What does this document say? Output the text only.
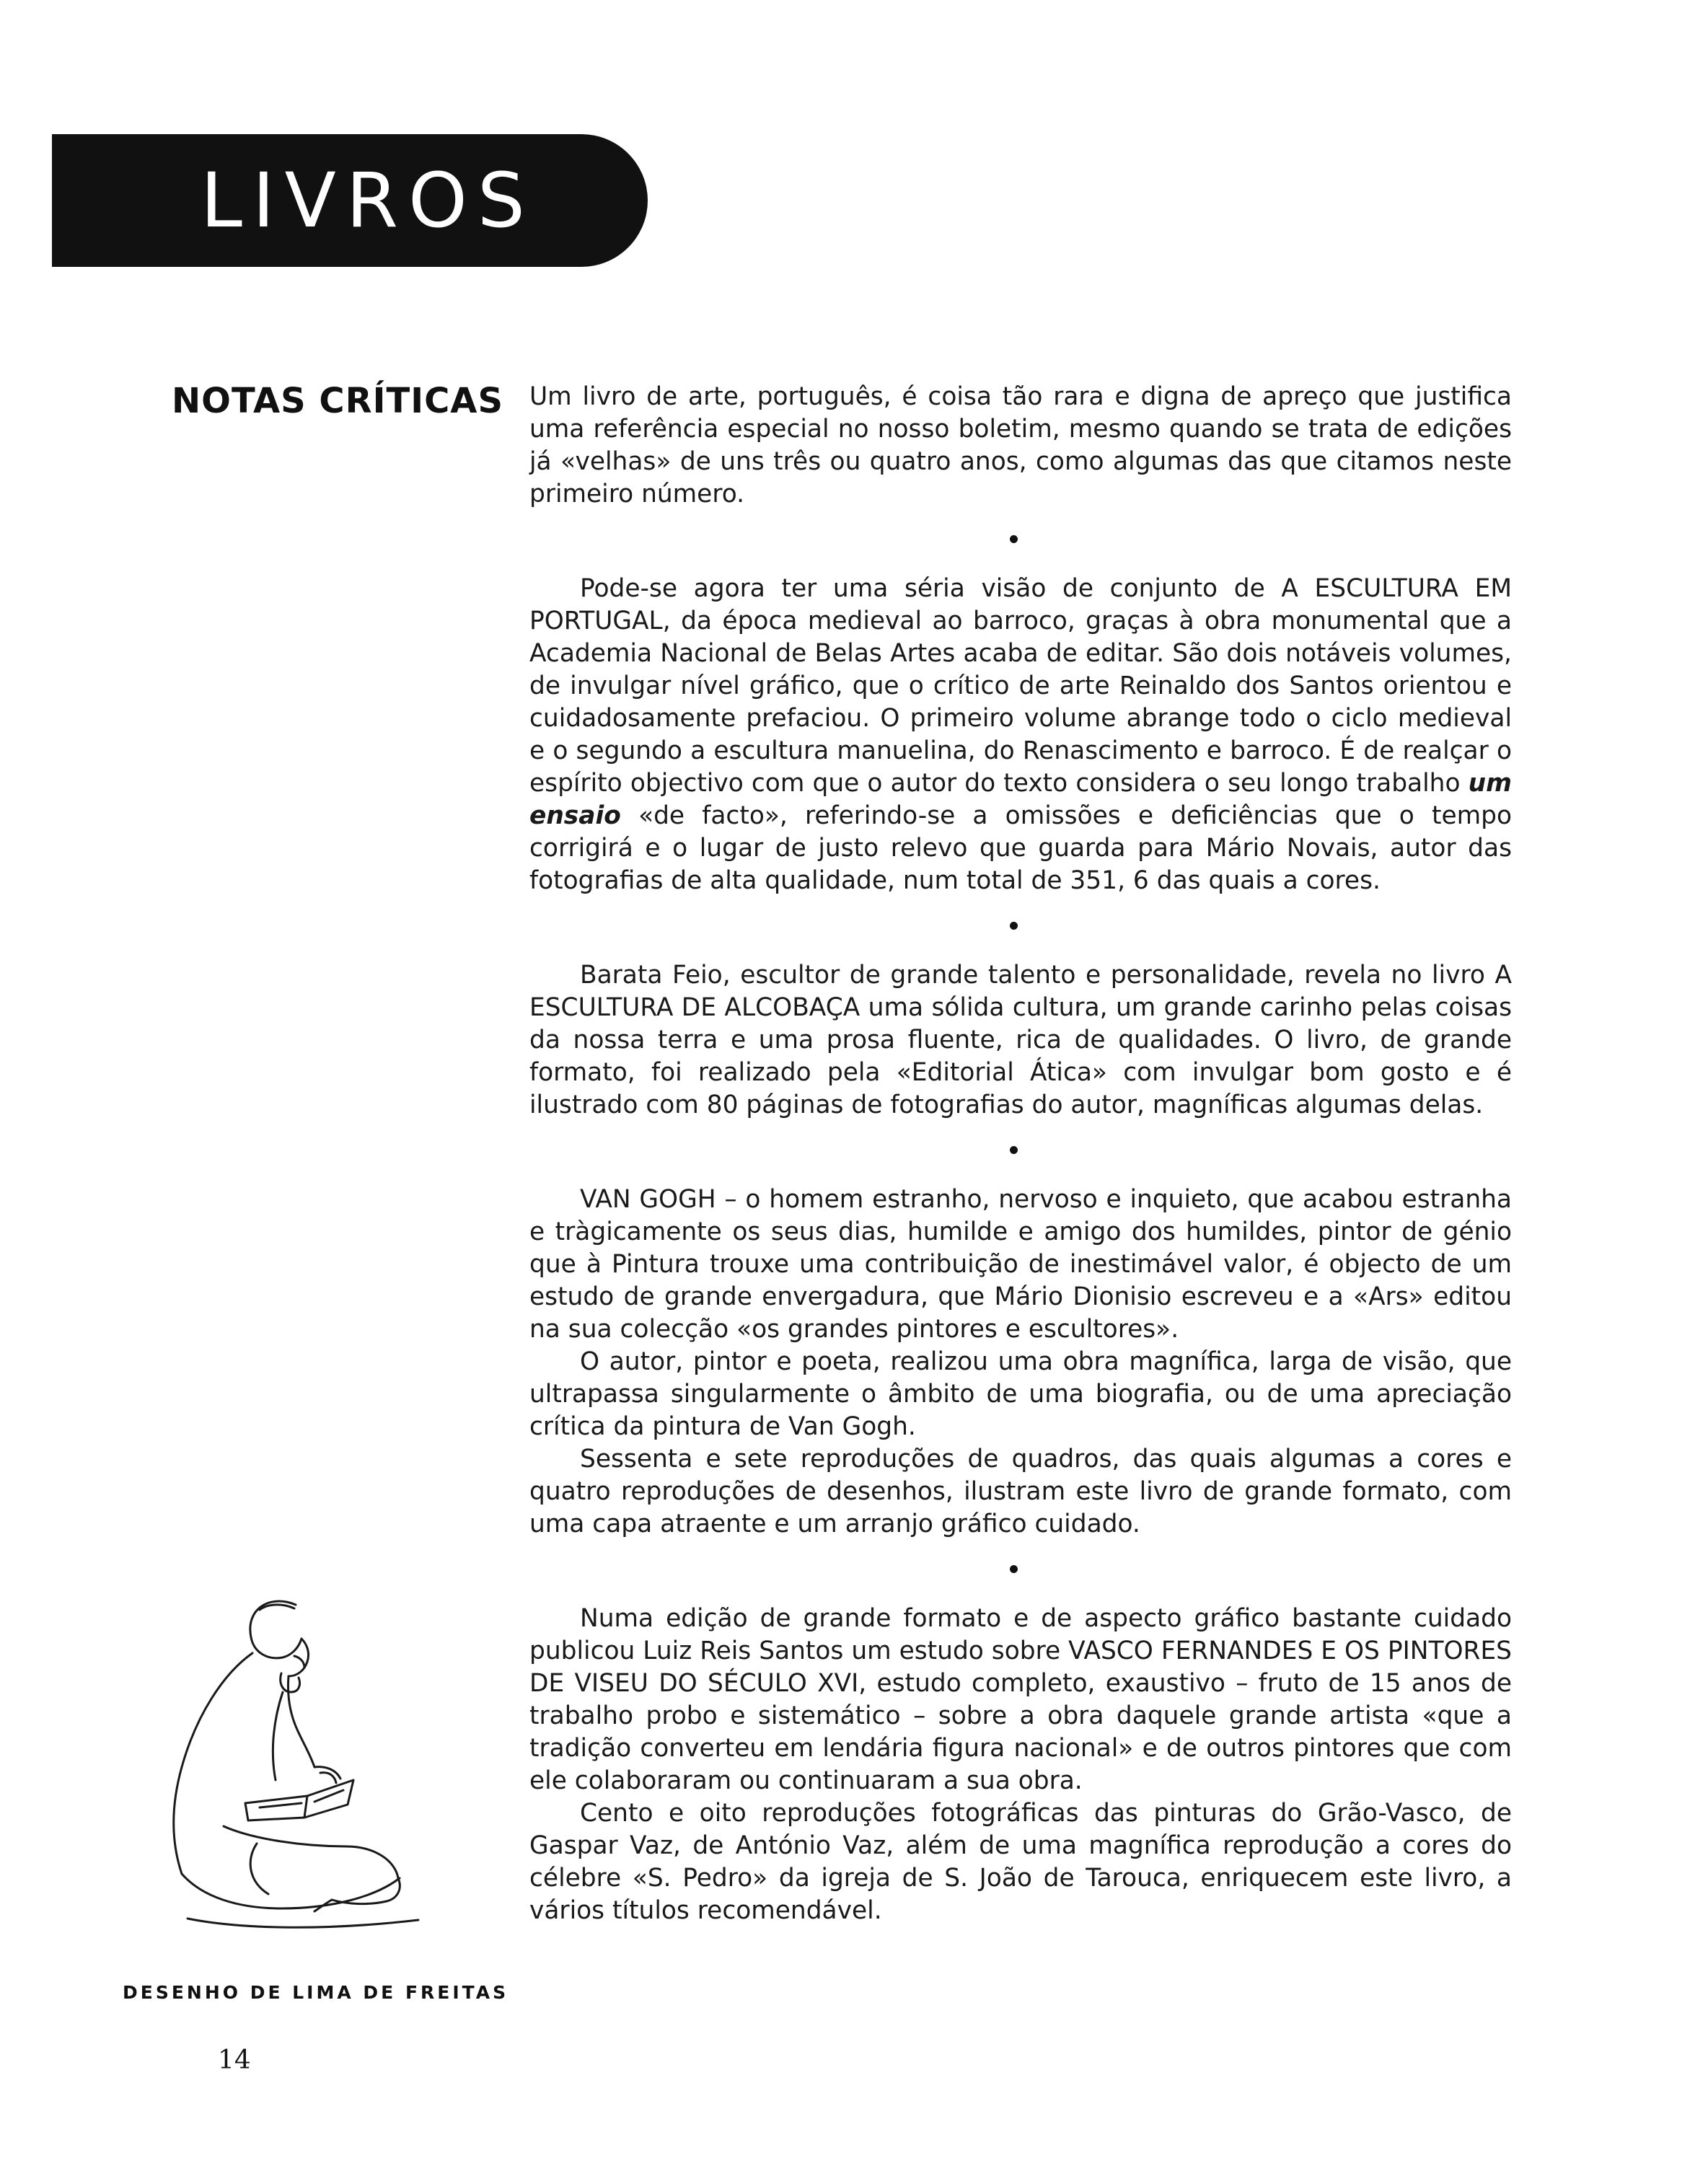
LIVROS
NOTAS CRÍTICAS Um livro de arte, português, é coisa tão rara e digna de apreço que justifica uma referência especial no nosso boletim, mesmo quando se trata de edições já «velhas» de uns três ou quatro anos, como algumas das que citamos neste primeiro número.

Pode-se agora ter uma séria visão de conjunto de A ESCULTURA EM PORTUGAL, da época medieval ao barroco, graças à obra monumental que a Academia Nacional de Belas Artes acaba de editar. São dois notáveis volumes, de invulgar nível gráfico, que o crítico de arte Reinaldo dos Santos orientou e cuidadosamente prefaciou. O primeiro volume abrange todo o ciclo medieval e o segundo a escultura manuelina, do Renascimento e barroco. É de realçar o espírito objectivo com que o autor do texto considera o seu longo trabalho um ensaio «de facto», referindo-se a omissões e deficiências que o tempo corrigirá e o lugar de justo relevo que guarda para Mário Novais, autor das fotografias de alta qualidade, num total de 351, 6 das quais a cores.

Barata Feio, escultor de grande talento e personalidade, revela no livro A ESCULTURA DE ALCOBAÇA uma sólida cultura, um grande carinho pelas coisas da nossa terra e uma prosa fluente, rica de qualidades. O livro, de grande formato, foi realizado pela «Editorial Ática» com invulgar bom gosto e é ilustrado com 80 páginas de fotografias do autor, magníficas algumas delas.

VAN GOGH – o homem estranho, nervoso e inquieto, que acabou estranha e tràgicamente os seus dias, humilde e amigo dos humildes, pintor de génio que à Pintura trouxe uma contribuição de inestimável valor, é objecto de um estudo de grande envergadura, que Mário Dionisio escreveu e a «Ars» editou na sua colecção «os grandes pintores e escultores».

O autor, pintor e poeta, realizou uma obra magnífica, larga de visão, que ultrapassa singularmente o âmbito de uma biografia, ou de uma apreciação crítica da pintura de Van Gogh.

Sessenta e sete reproduções de quadros, das quais algumas a cores e quatro reproduções de desenhos, ilustram este livro de grande formato, com uma capa atraente e um arranjo gráfico cuidado.

Numa edição de grande formato e de aspecto gráfico bastante cuidado publicou Luiz Reis Santos um estudo sobre VASCO FERNANDES E OS PINTORES DE VISEU DO SÉCULO XVI, estudo completo, exaustivo – fruto de 15 anos de trabalho probo e sistemático – sobre a obra daquele grande artista «que a tradição converteu em lendária figura nacional» e de outros pintores que com ele colaboraram ou continuaram a sua obra.

Cento e oito reproduções fotográficas das pinturas do Grão-Vasco, de Gaspar Vaz, de António Vaz, além de uma magnífica reprodução a cores do célebre «S. Pedro» da igreja de S. João de Tarouca, enriquecem este livro, a vários títulos recomendável.

DESENHO DE LIMA DE FREITAS
14
